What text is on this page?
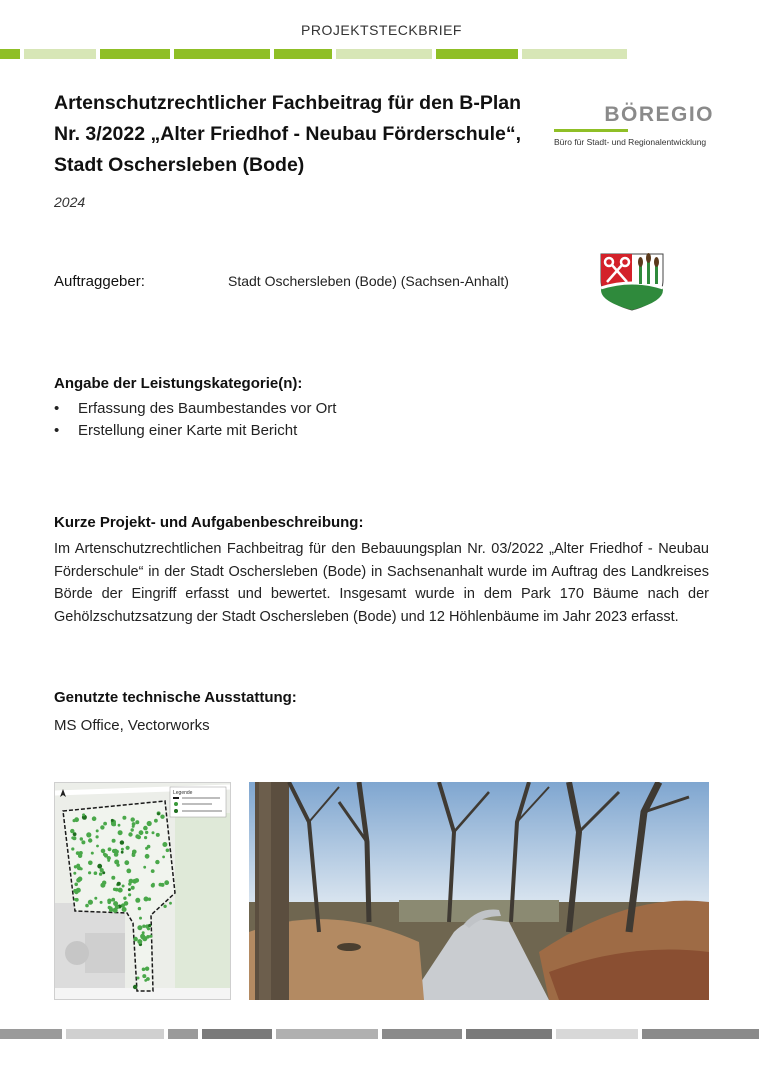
PROJEKTSTECKBRIEF
Artenschutzrechtlicher Fachbeitrag für den B-Plan
Nr. 3/2022 „Alter Friedhof - Neubau Förderschule“,
Stadt Oschersleben (Bode)
2024
BÖREGIO
Büro für Stadt- und Regionalentwicklung
Auftraggeber:	Stadt Oschersleben (Bode) (Sachsen-Anhalt)
Angabe der Leistungskategorie(n):
• Erfassung des Baumbestandes vor Ort
• Erstellung einer Karte mit Bericht
Kurze Projekt- und Aufgabenbeschreibung:
Im Artenschutzrechtlichen Fachbeitrag für den Bebauungsplan Nr. 03/2022 „Alter Friedhof - Neubau Förderschule“ in der Stadt Oschersleben (Bode) in Sachsenanhalt wurde im Auftrag des Landkreises Börde der Eingriff erfasst und bewertet. Insgesamt wurde in dem Park 170 Bäume nach der Gehölzschutzsatzung der Stadt Oschersleben (Bode) und 12 Höhlenbäume im Jahr 2023 erfasst.
Genutzte technische Ausstattung:
MS Office, Vectorworks
Legende
